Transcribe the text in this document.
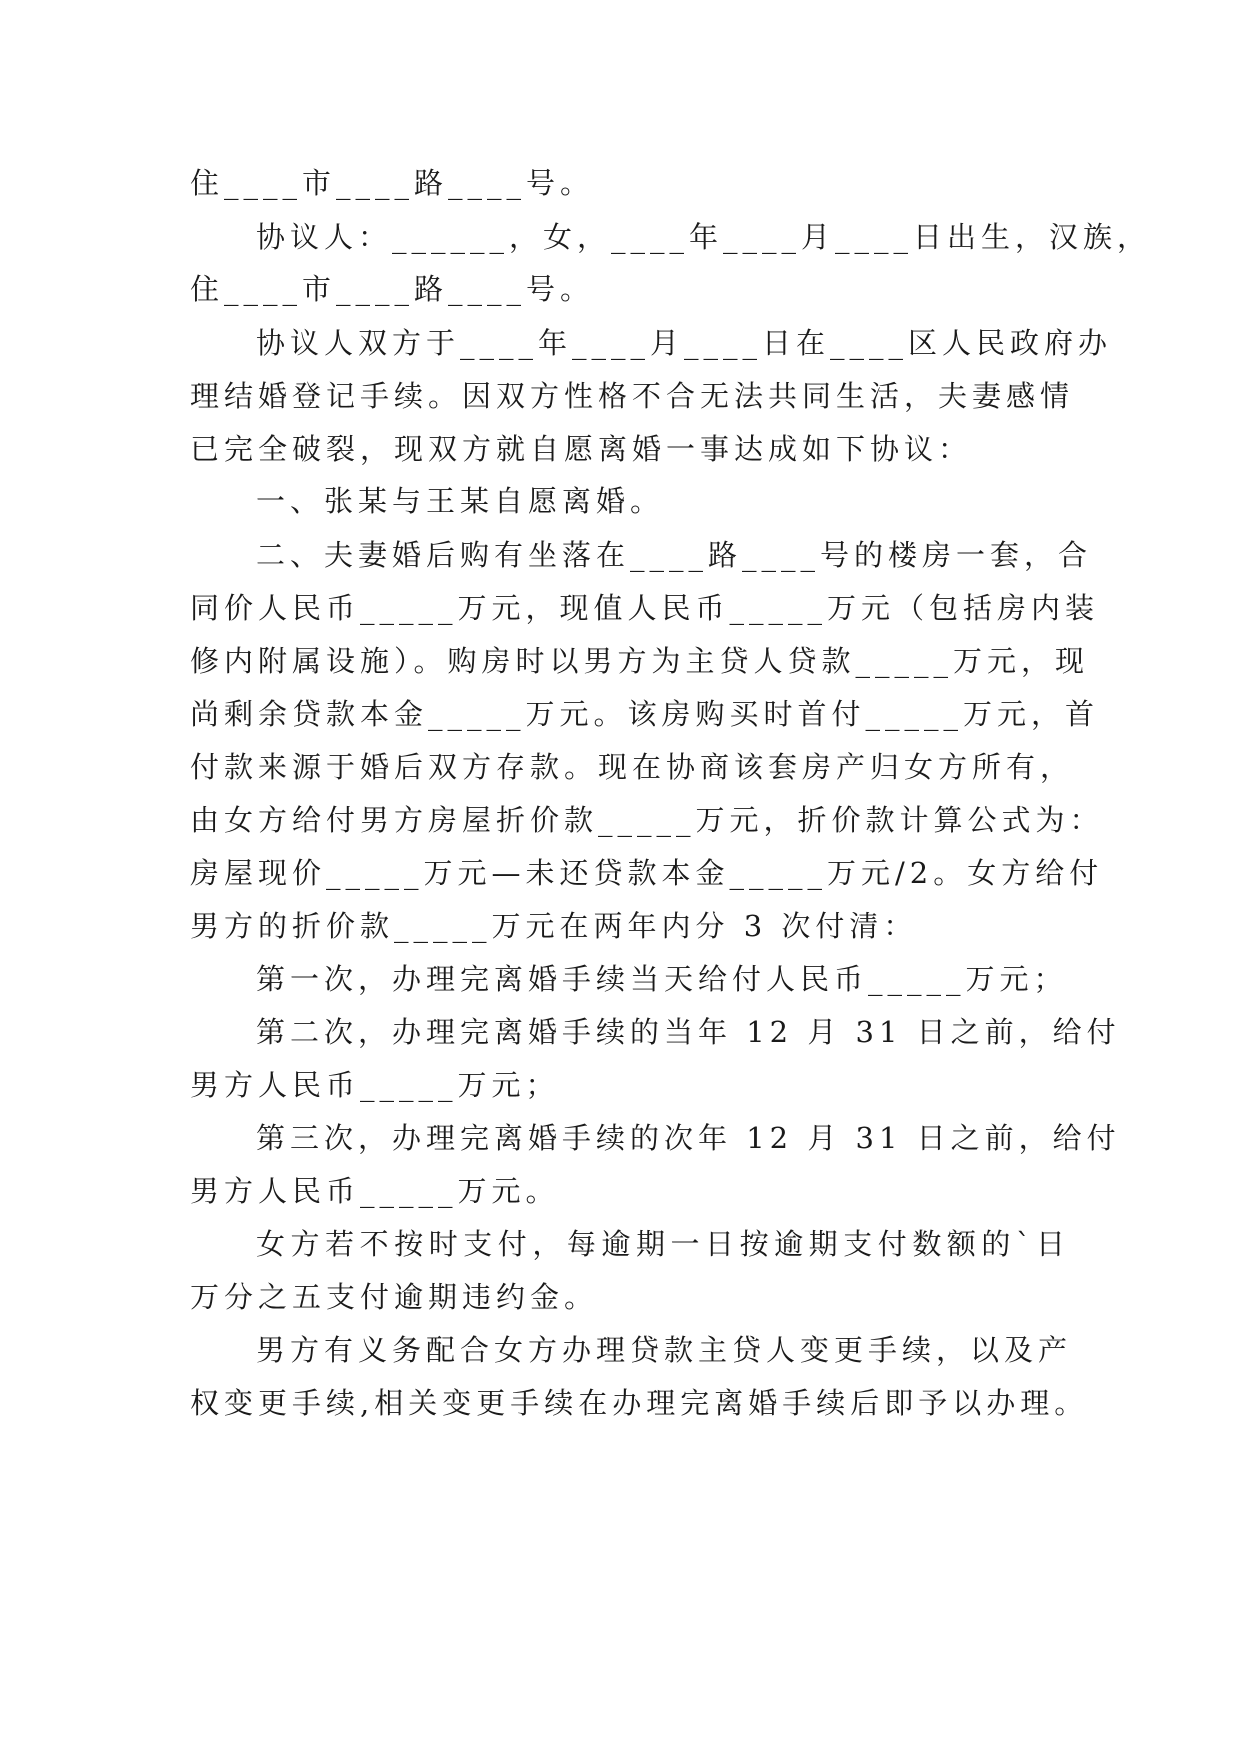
住____市____路____号。
协议人：______，女，____年____月____日出生，汉族，
住____市____路____号。
协议人双方于____年____月____日在____区人民政府办
理结婚登记手续。因双方性格不合无法共同生活，夫妻感情
已完全破裂，现双方就自愿离婚一事达成如下协议：
一、张某与王某自愿离婚。
二、夫妻婚后购有坐落在____路____号的楼房一套，合
同价人民币_____万元，现值人民币_____万元（包括房内装
修内附属设施）。购房时以男方为主贷人贷款_____万元，现
尚剩余贷款本金_____万元。该房购买时首付_____万元，首
付款来源于婚后双方存款。现在协商该套房产归女方所有，
由女方给付男方房屋折价款_____万元，折价款计算公式为：
房屋现价_____万元—未还贷款本金_____万元/2。女方给付
男方的折价款_____万元在两年内分 3 次付清：
第一次，办理完离婚手续当天给付人民币_____万元；
第二次，办理完离婚手续的当年 12 月 31 日之前，给付
男方人民币_____万元；
第三次，办理完离婚手续的次年 12 月 31 日之前，给付
男方人民币_____万元。
女方若不按时支付，每逾期一日按逾期支付数额的`日
万分之五支付逾期违约金。
男方有义务配合女方办理贷款主贷人变更手续，以及产
权变更手续,相关变更手续在办理完离婚手续后即予以办理。
